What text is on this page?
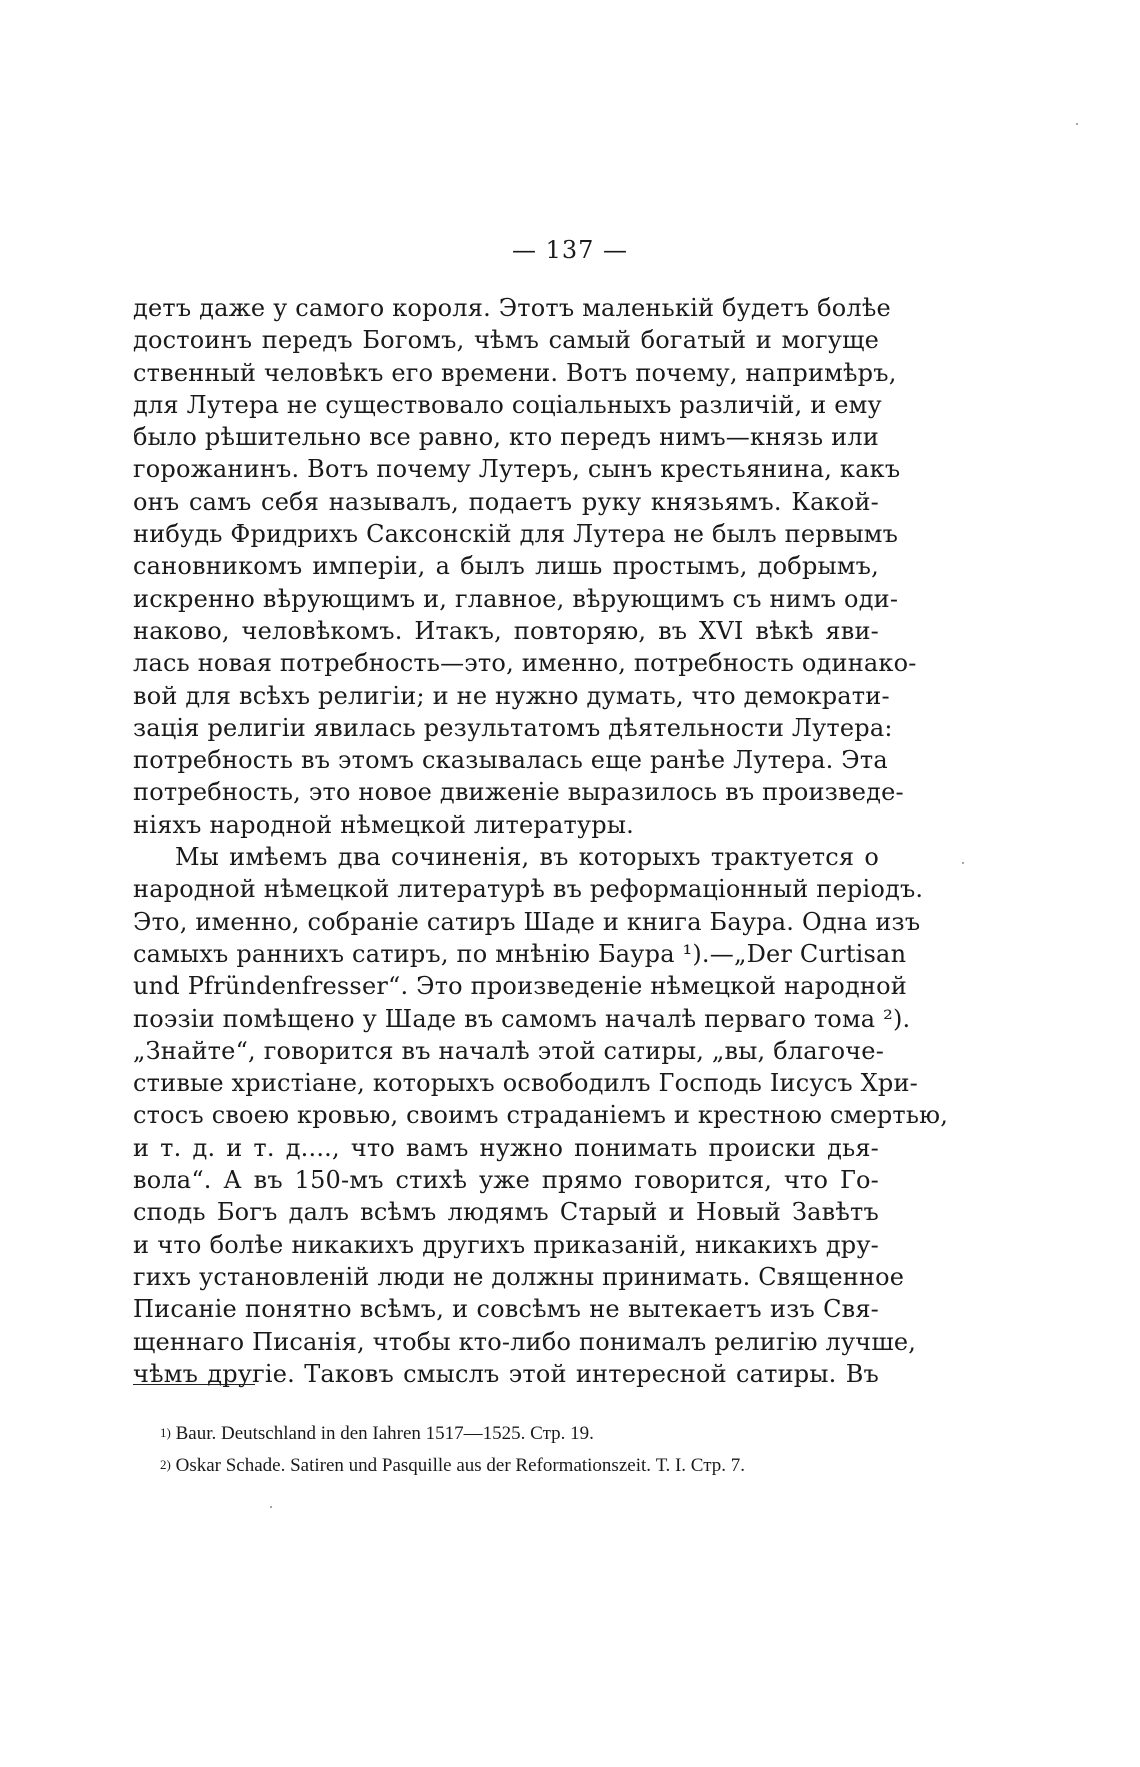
— 137 —
детъ даже у самого короля. Этотъ маленькій будетъ болѣе
достоинъ передъ Богомъ, чѣмъ самый богатый и могуще
ственный человѣкъ его времени. Вотъ почему, напримѣръ,
для Лутера не существовало соціальныхъ различій, и ему
было рѣшительно все равно, кто передъ нимъ—князь или
горожанинъ. Вотъ почему Лутеръ, сынъ крестьянина, какъ
онъ самъ себя называлъ, подаетъ руку князьямъ. Какой-
нибудь Фридрихъ Саксонскій для Лутера не былъ первымъ
сановникомъ имперіи, а былъ лишь простымъ, добрымъ,
искренно вѣрующимъ и, главное, вѣрующимъ съ нимъ оди-
наково, человѣкомъ. Итакъ, повторяю, въ XVI вѣкѣ яви-
лась новая потребность—это, именно, потребность одинако-
вой для всѣхъ религіи; и не нужно думать, что демократи-
зація религіи явилась результатомъ дѣятельности Лутера:
потребность въ этомъ сказывалась еще ранѣе Лутера. Эта
потребность, это новое движеніе выразилось въ произведе-
ніяхъ народной нѣмецкой литературы.
Мы имѣемъ два сочиненія, въ которыхъ трактуется о
народной нѣмецкой литературѣ въ реформаціонный періодъ.
Это, именно, собраніе сатиръ Шаде и книга Баура. Одна изъ
самыхъ раннихъ сатиръ, по мнѣнію Баура ¹).—„Der Curtisan
und Pfründenfresser“. Это произведеніе нѣмецкой народной
поэзіи помѣщено у Шаде въ самомъ началѣ перваго тома ²).
„Знайте“, говорится въ началѣ этой сатиры, „вы, благоче-
стивые христіане, которыхъ освободилъ Господь Іисусъ Хри-
стосъ своею кровью, своимъ страданіемъ и крестною смертью,
и т. д. и т. д...., что вамъ нужно понимать происки дья-
вола“. А въ 150-мъ стихѣ уже прямо говорится, что Го-
сподь Богъ далъ всѣмъ людямъ Старый и Новый Завѣтъ
и что болѣе никакихъ другихъ приказаній, никакихъ дру-
гихъ установленій люди не должны принимать. Священное
Писаніе понятно всѣмъ, и совсѣмъ не вытекаетъ изъ Свя-
щеннаго Писанія, чтобы кто-либо понималъ религію лучше,
чѣмъ другіе. Таковъ смыслъ этой интересной сатиры. Въ
$^{1)}$ Baur. Deutschland in den Iahren 1517—1525. Стр. 19.
$^{2)}$ Oskar Schade. Satiren und Pasquille aus der Reformationszeit. Т. I. Стр. 7.
